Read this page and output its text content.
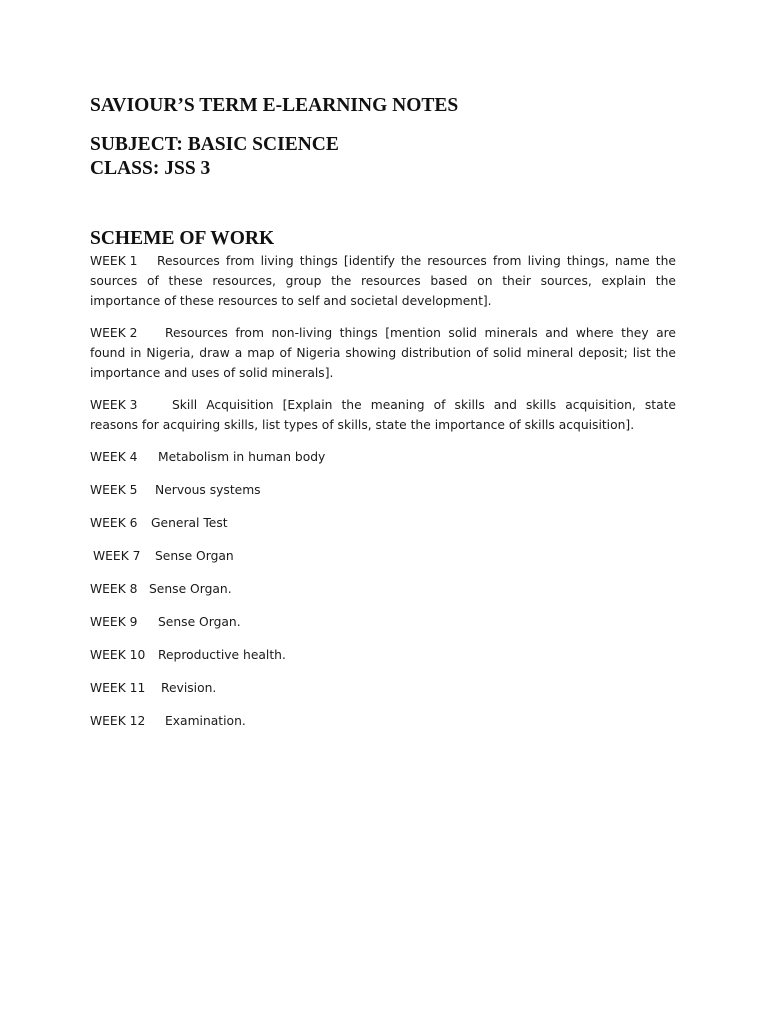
SAVIOUR’S TERM E-LEARNING NOTES
SUBJECT: BASIC SCIENCE
CLASS: JSS 3
SCHEME OF WORK

WEEK 1 Resources from living things [identify the resources from living things, name the sources of these resources, group the resources based on their sources, explain the importance of these resources to self and societal development].

WEEK 2 Resources from non-living things [mention solid minerals and where they are found in Nigeria, draw a map of Nigeria showing distribution of solid mineral deposit; list the importance and uses of solid minerals].

WEEK 3	Skill Acquisition [Explain the meaning of skills and skills acquisition, state reasons for acquiring skills, list types of skills, state the importance of skills acquisition].

WEEK 4 Metabolism in human body

WEEK 5 Nervous systems

WEEK 6 General Test

WEEK 7 Sense Organ

WEEK 8 Sense Organ.

WEEK 9 Sense Organ.

WEEK 10 Reproductive health.

WEEK 11 Revision.

WEEK 12 Examination.
